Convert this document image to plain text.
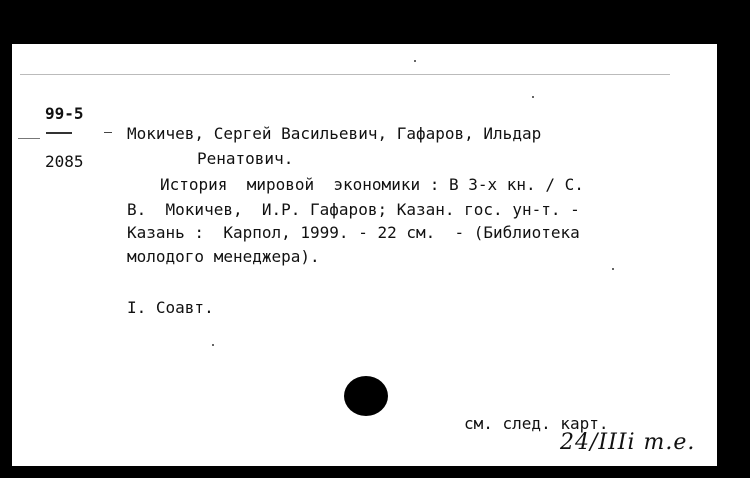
99-5
2085
Мокичев, Сергей Васильевич, Гафаров, Ильдар
Ренатович.
История  мировой  экономики : В 3-х кн. / С.
В.  Мокичев,  И.Р. Гафаров; Казан. гос. ун-т. -
Казань :  Карпол, 1999. - 22 см.  - (Библиотека
молодого менеджера).
I. Соавт.
см. след. карт.
24/IIIi т.е.
